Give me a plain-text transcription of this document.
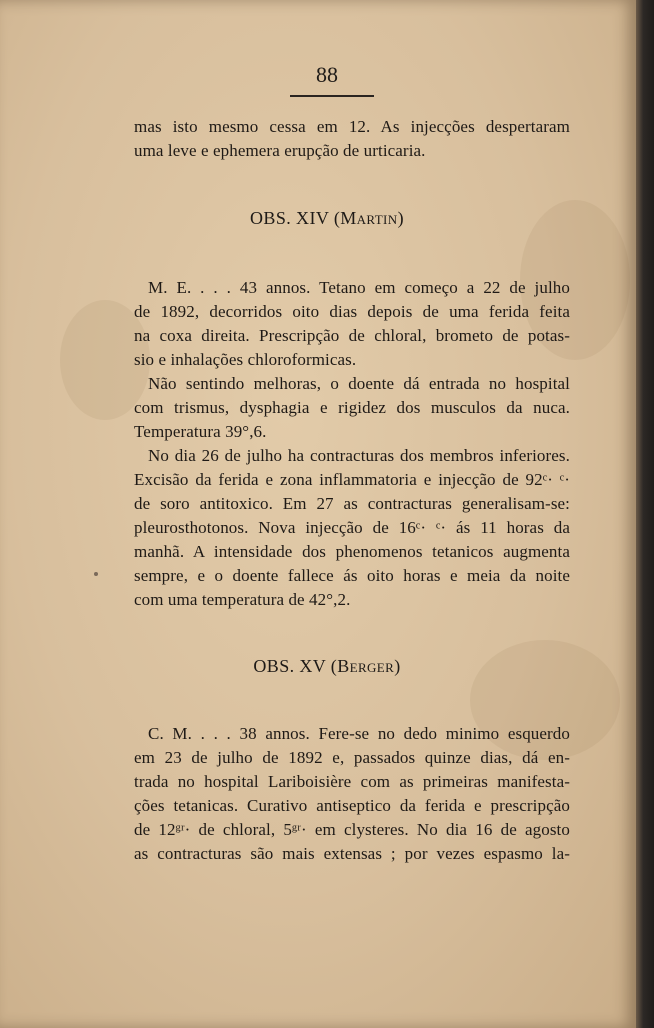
88
mas isto mesmo cessa em 12. As injecções despertaram
uma leve e ephemera erupção de urticaria.
OBS. XIV (Martin)
M. E. . . . 43 annos. Tetano em começo a 22 de julho
de 1892, decorridos oito dias depois de uma ferida feita
na coxa direita. Prescripção de chloral, brometo de potas-
sio e inhalações chloroformicas.
Não sentindo melhoras, o doente dá entrada no hospital
com trismus, dysphagia e rigidez dos musculos da nuca.
Temperatura 39°,6.
No dia 26 de julho ha contracturas dos membros inferiores.
Excisão da ferida e zona inflammatoria e injecção de 92ᶜ· ᶜ·
de soro antitoxico. Em 27 as contracturas generalisam-se:
pleurosthotonos. Nova injecção de 16ᶜ· ᶜ· ás 11 horas da
manhã. A intensidade dos phenomenos tetanicos augmenta
sempre, e o doente fallece ás oito horas e meia da noite
com uma temperatura de 42°,2.
OBS. XV (Berger)
C. M. . . . 38 annos. Fere-se no dedo minimo esquerdo
em 23 de julho de 1892 e, passados quinze dias, dá en-
trada no hospital Lariboisière com as primeiras manifesta-
ções tetanicas. Curativo antiseptico da ferida e prescripção
de 12ᵍʳ· de chloral, 5ᵍʳ· em clysteres. No dia 16 de agosto
as contracturas são mais extensas ; por vezes espasmo la-
